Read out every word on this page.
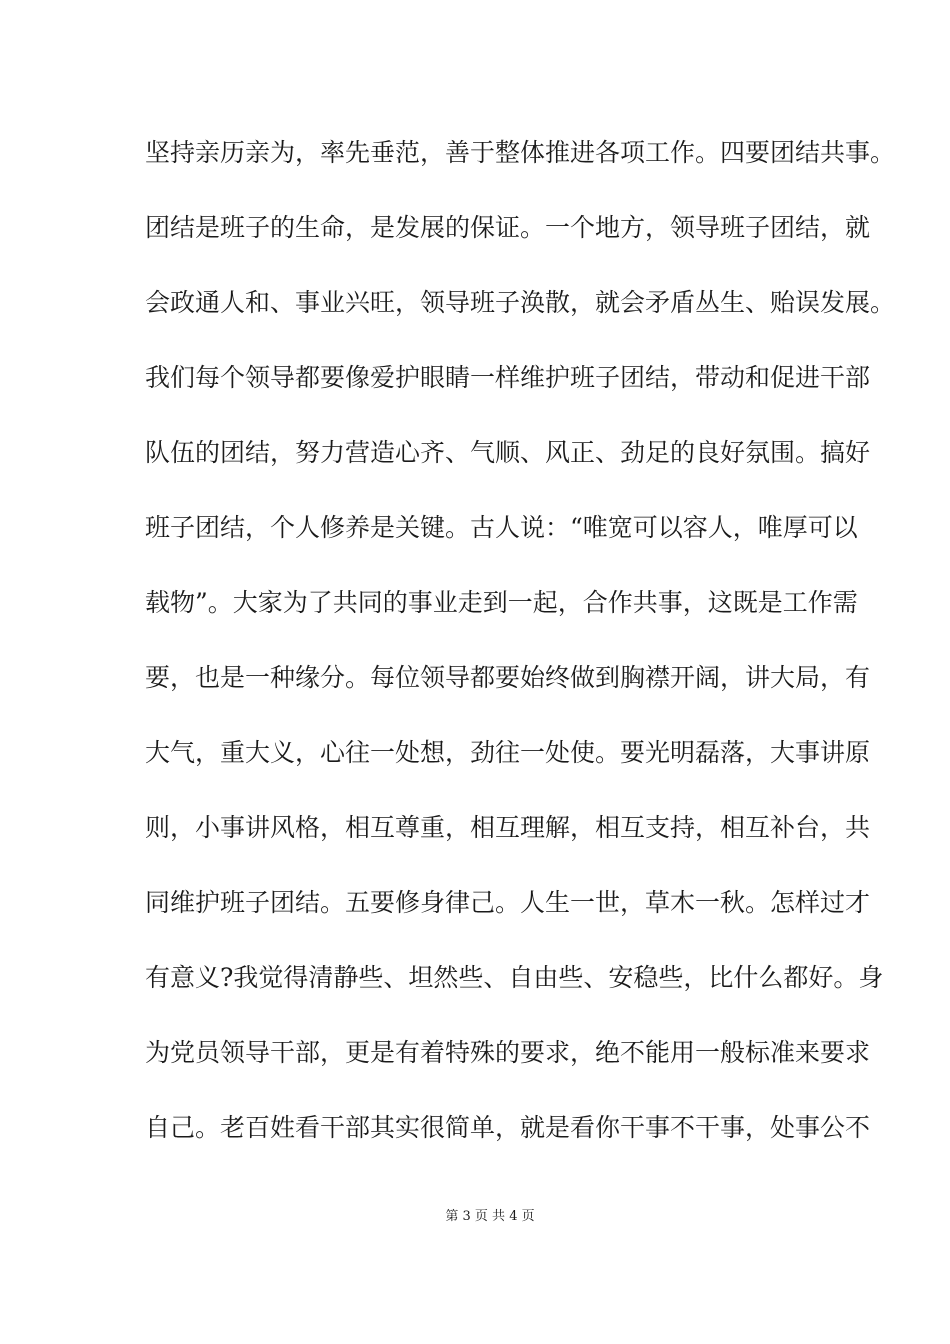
坚持亲历亲为，率先垂范，善于整体推进各项工作。四要团结共事。
团结是班子的生命，是发展的保证。一个地方，领导班子团结，就
会政通人和、事业兴旺，领导班子涣散，就会矛盾丛生、贻误发展。
我们每个领导都要像爱护眼睛一样维护班子团结，带动和促进干部
队伍的团结，努力营造心齐、气顺、风正、劲足的良好氛围。搞好
班子团结，个人修养是关键。古人说：“唯宽可以容人，唯厚可以
载物”。大家为了共同的事业走到一起，合作共事，这既是工作需
要，也是一种缘分。每位领导都要始终做到胸襟开阔，讲大局，有
大气，重大义，心往一处想，劲往一处使。要光明磊落，大事讲原
则，小事讲风格，相互尊重，相互理解，相互支持，相互补台，共
同维护班子团结。五要修身律己。人生一世，草木一秋。怎样过才
有意义?我觉得清静些、坦然些、自由些、安稳些，比什么都好。身
为党员领导干部，更是有着特殊的要求，绝不能用一般标准来要求
自己。老百姓看干部其实很简单，就是看你干事不干事，处事公不
第 3 页 共 4 页
